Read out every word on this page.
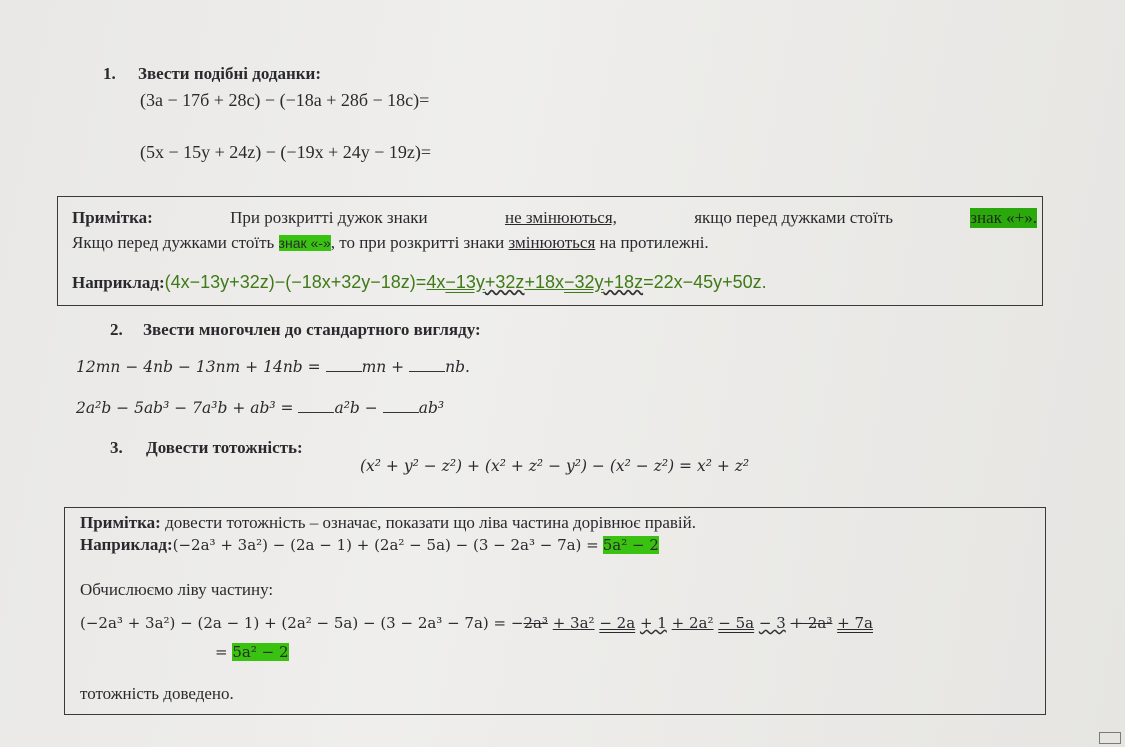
1. Звести подібні доданки:
(3а − 17б + 28с) − (−18а + 28б − 18с)=
(5x − 15y + 24z) − (−19x + 24y − 19z)=
Примітка:	При розкритті дужок знаки	не змінюються,	якщо перед дужками стоїть	знак «+».
Якщо перед дужками стоїть знак «-», то при розкритті знаки змінюються на протилежні.
Наприклад:(4x−13y+32z)−(−18x+32y−18z)=4x−13y+32z+18x−32y+18z=22x−45y+50z.
2. Звести многочлен до стандартного вигляду:
12mn − 4nb − 13nm + 14nb =	mn +	nb.
2a²b − 5ab³ − 7a³b + ab³ =	a²b −	ab³
3. Довести тотожність:
(x² + y² − z²) + (x² + z² − y²) − (x² − z²) = x² + z²
Примітка: довести тотожність – означає, показати що ліва частина дорівнює правій.
Наприклад:(−2a³ + 3a²) − (2a − 1) + (2a² − 5a) − (3 − 2a³ − 7a) = 5a² − 2
Обчислюємо ліву частину:
(−2a³ + 3a²) − (2a − 1) + (2a² − 5a) − (3 − 2a³ − 7a) = −2a³ + 3a² − 2a + 1 + 2a² − 5a − 3 + 2a³ + 7a
= 5a² − 2
тотожність доведено.
